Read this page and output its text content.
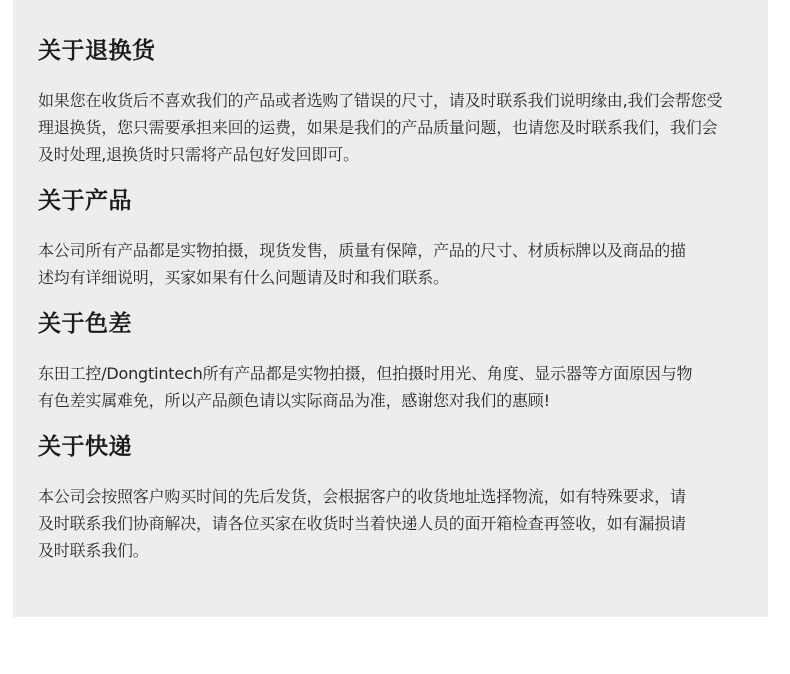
关于退换货
如果您在收货后不喜欢我们的产品或者选购了错误的尺寸，请及时联系我们说明缘由,我们会帮您受
理退换货，您只需要承担来回的运费，如果是我们的产品质量问题，也请您及时联系我们，我们会
及时处理,退换货时只需将产品包好发回即可。
关于产品
本公司所有产品都是实物拍摄，现货发售，质量有保障，产品的尺寸、材质标牌以及商品的描
述均有详细说明，买家如果有什么问题请及时和我们联系。
关于色差
东田工控/Dongtintech所有产品都是实物拍摄，但拍摄时用光、角度、显示器等方面原因与物
有色差实属难免，所以产品颜色请以实际商品为准，感谢您对我们的惠顾!
关于快递
本公司会按照客户购买时间的先后发货，会根据客户的收货地址选择物流，如有特殊要求，请
及时联系我们协商解决，请各位买家在收货时当着快递人员的面开箱检查再签收，如有漏损请
及时联系我们。
